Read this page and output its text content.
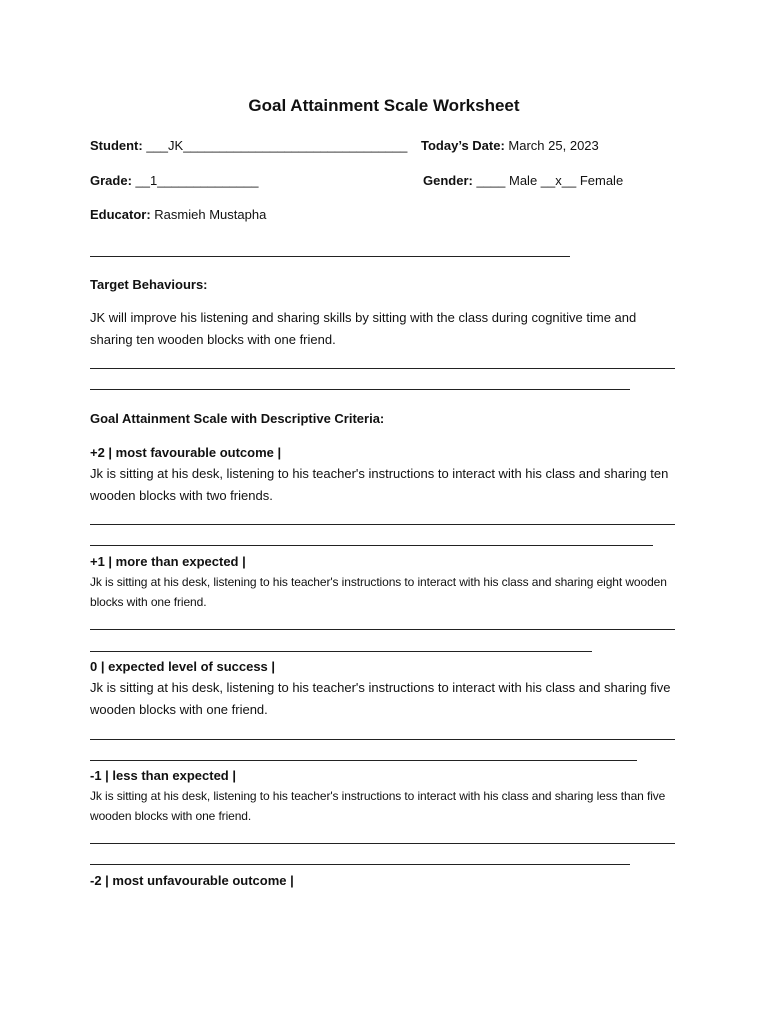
Goal Attainment Scale Worksheet
Student: ___JK_______________________________ Today’s Date: March 25, 2023
Grade: __1______________	Gender: ____ Male __x__ Female
Educator: Rasmieh Mustapha
Target Behaviours:
JK will improve his listening and sharing skills by sitting with the class during cognitive time and sharing ten wooden blocks with one friend.
Goal Attainment Scale with Descriptive Criteria:
+2 | most favourable outcome |
Jk is sitting at his desk, listening to his teacher's instructions to interact with his class and sharing ten wooden blocks with two friends.
+1 | more than expected |
Jk is sitting at his desk, listening to his teacher's instructions to interact with his class and sharing eight wooden blocks with one friend.
0 | expected level of success |
Jk is sitting at his desk, listening to his teacher's instructions to interact with his class and sharing five wooden blocks with one friend.
-1 | less than expected |
Jk is sitting at his desk, listening to his teacher's instructions to interact with his class and sharing less than five wooden blocks with one friend.
-2 | most unfavourable outcome |
